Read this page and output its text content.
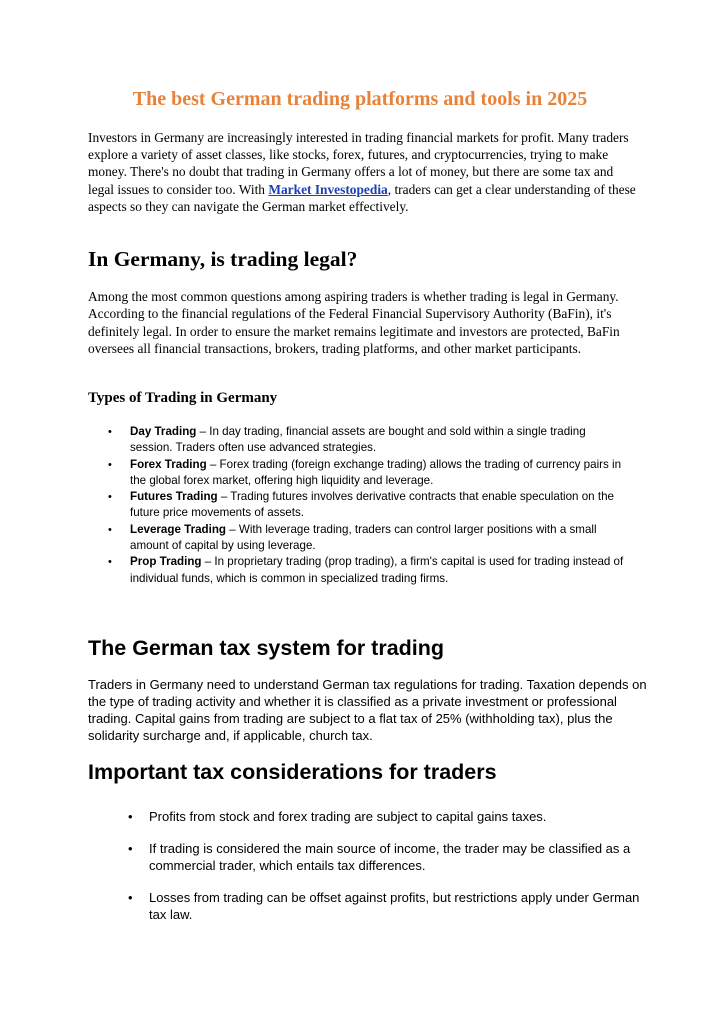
The best German trading platforms and tools in 2025

Investors in Germany are increasingly interested in trading financial markets for profit. Many traders explore a variety of asset classes, like stocks, forex, futures, and cryptocurrencies, trying to make money. There's no doubt that trading in Germany offers a lot of money, but there are some tax and legal issues to consider too. With Market Investopedia, traders can get a clear understanding of these aspects so they can navigate the German market effectively.

In Germany, is trading legal?

Among the most common questions among aspiring traders is whether trading is legal in Germany. According to the financial regulations of the Federal Financial Supervisory Authority (BaFin), it's definitely legal. In order to ensure the market remains legitimate and investors are protected, BaFin oversees all financial transactions, brokers, trading platforms, and other market participants.

Types of Trading in Germany
• Day Trading – In day trading, financial assets are bought and sold within a single trading session. Traders often use advanced strategies.
• Forex Trading – Forex trading (foreign exchange trading) allows the trading of currency pairs in the global forex market, offering high liquidity and leverage.
• Futures Trading – Trading futures involves derivative contracts that enable speculation on the future price movements of assets.
• Leverage Trading – With leverage trading, traders can control larger positions with a small amount of capital by using leverage.
• Prop Trading – In proprietary trading (prop trading), a firm's capital is used for trading instead of individual funds, which is common in specialized trading firms.
The German tax system for trading

Traders in Germany need to understand German tax regulations for trading. Taxation depends on the type of trading activity and whether it is classified as a private investment or professional trading. Capital gains from trading are subject to a flat tax of 25% (withholding tax), plus the solidarity surcharge and, if applicable, church tax.

Important tax considerations for traders
• Profits from stock and forex trading are subject to capital gains taxes.
• If trading is considered the main source of income, the trader may be classified as a commercial trader, which entails tax differences.
• Losses from trading can be offset against profits, but restrictions apply under German tax law.
